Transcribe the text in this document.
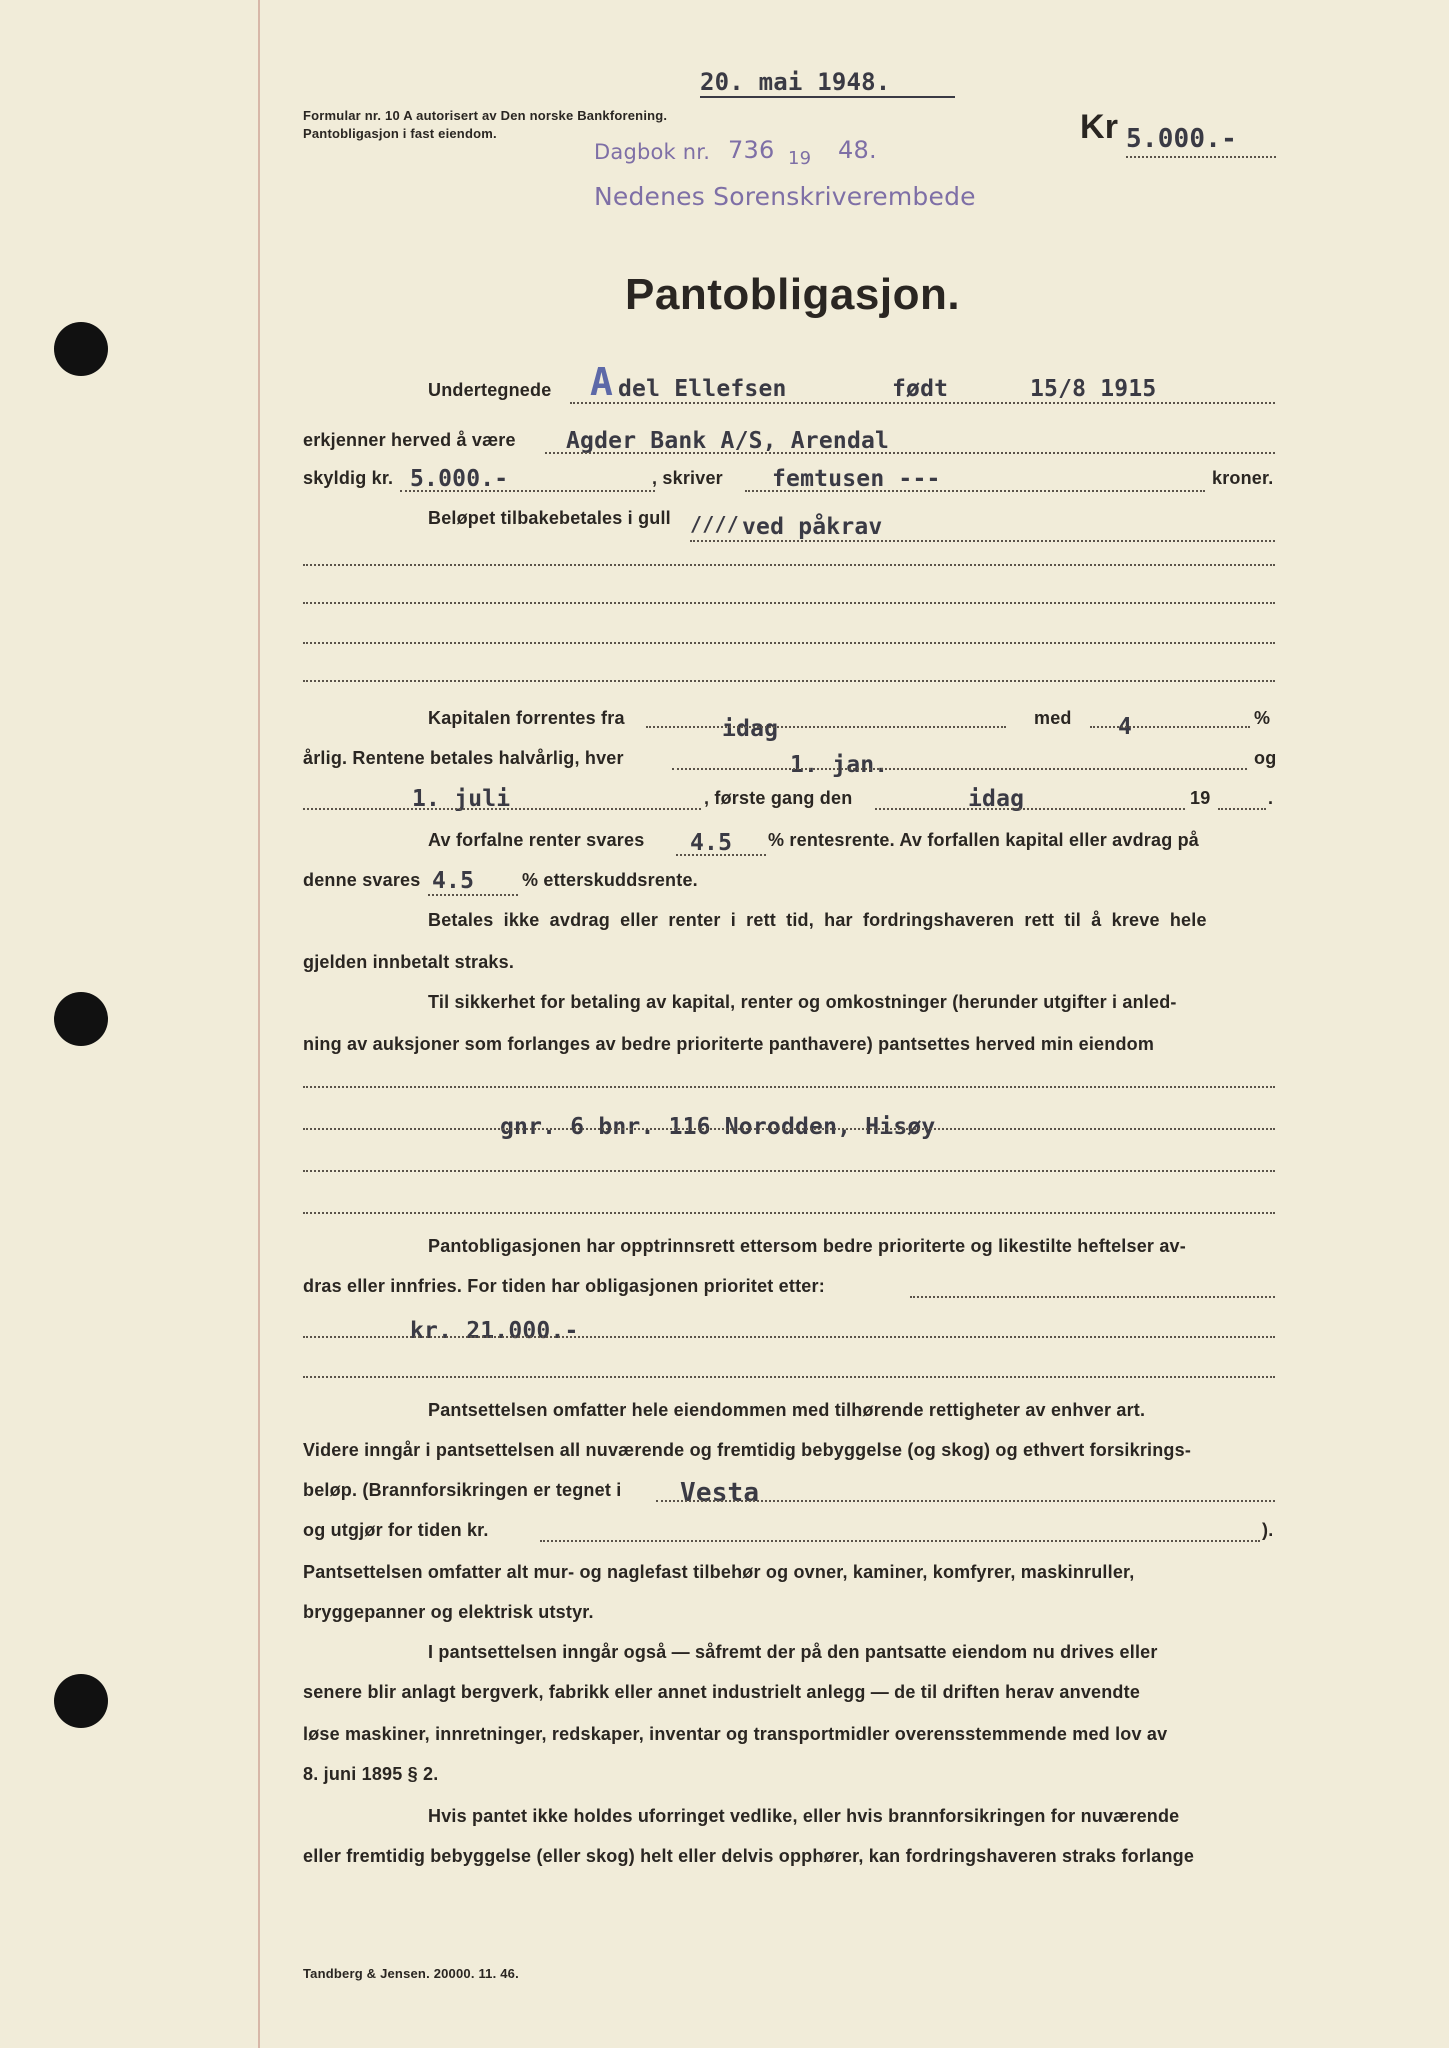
20. mai 1948.
Formular nr. 10 A autorisert av Den norske Bankforening.
Pantobligasjon i fast eiendom.
Dagbok nr. 736 19 48.
Nedenes Sorenskriverembede
Kr 5.000.-
Pantobligasjon.
Undertegnede A del Ellefsen	født	15/8 1915
erkjenner herved å være Agder Bank A/S, Arendal
skyldig kr. 5.000.-	, skriver femtusen ---	kroner.
Beløpet tilbakebetales i gull //// ved påkrav
Kapitalen forrentes fra	idag	med 4	%
årlig. Rentene betales halvårlig, hver	1. jan.	og
1. juli	, første gang den	idag	19	.
Av forfalne renter svares 4.5 % rentesrente. Av forfallen kapital eller avdrag på
denne svares 4.5	% etterskuddsrente.
Betales ikke avdrag eller renter i rett tid, har fordringshaveren rett til å kreve hele
gjelden innbetalt straks.
Til sikkerhet for betaling av kapital, renter og omkostninger (herunder utgifter i anled-
ning av auksjoner som forlanges av bedre prioriterte panthavere) pantsettes herved min eiendom
gnr. 6 bnr. 116 Norodden, Hisøy
Pantobligasjonen har opptrinnsrett ettersom bedre prioriterte og likestilte heftelser av-
dras eller innfries. For tiden har obligasjonen prioritet etter:
kr. 21.000.-
Pantsettelsen omfatter hele eiendommen med tilhørende rettigheter av enhver art.
Videre inngår i pantsettelsen all nuværende og fremtidig bebyggelse (og skog) og ethvert forsikrings-
beløp. (Brannforsikringen er tegnet i Vesta
og utgjør for tiden kr.	).
Pantsettelsen omfatter alt mur- og naglefast tilbehør og ovner, kaminer, komfyrer, maskinruller,
bryggepanner og elektrisk utstyr.
I pantsettelsen inngår også — såfremt der på den pantsatte eiendom nu drives eller
senere blir anlagt bergverk, fabrikk eller annet industrielt anlegg — de til driften herav anvendte
løse maskiner, innretninger, redskaper, inventar og transportmidler overensstemmende med lov av
8. juni 1895 § 2.
Hvis pantet ikke holdes uforringet vedlike, eller hvis brannforsikringen for nuværende
eller fremtidig bebyggelse (eller skog) helt eller delvis opphører, kan fordringshaveren straks forlange
Tandberg & Jensen. 20000. 11. 46.
